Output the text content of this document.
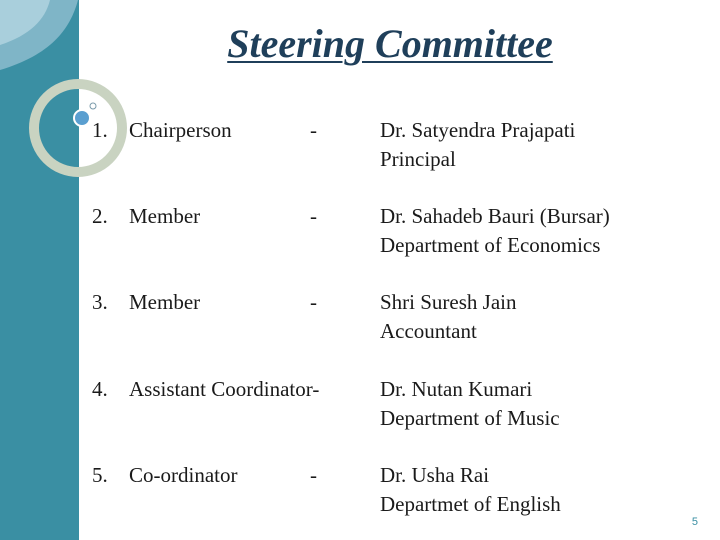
Steering Committee
1. Chairperson	-	Dr. Satyendra Prajapati
Principal
2. Member	-	Dr. Sahadeb Bauri (Bursar)
Department of Economics
3. Member	-	Shri Suresh Jain
Accountant
4. Assistant Coordinator-	Dr. Nutan Kumari
Department of Music
5. Co-ordinator	-	Dr. Usha Rai
Departmet of English
5
